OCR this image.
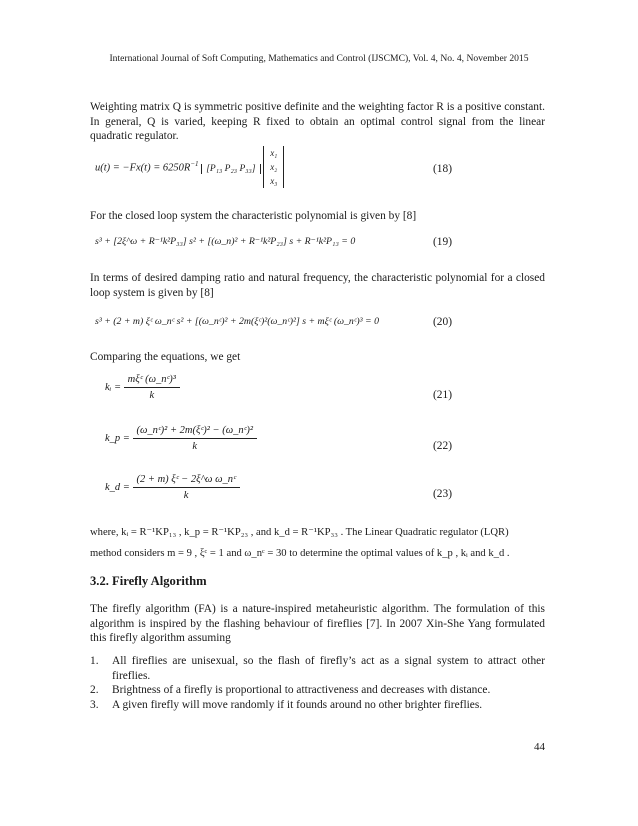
International Journal of Soft Computing, Mathematics and Control (IJSCMC), Vol. 4, No. 4, November 2015
Weighting matrix Q is symmetric positive definite and the weighting factor R is a positive constant. In general, Q is varied, keeping R fixed to obtain an optimal control signal from the linear quadratic regulator.
$u(t) = -Fx(t) = 6250R^{-1}$ [P₁₃ P₂₃ P₃₃]
x₁
x₂
x₃
(18)
For the closed loop system the characteristic polynomial is given by [8]
s³ + [2ξ^ω + R⁻¹k²P₃₃] s² + [(ω_n)² + R⁻¹k²P₂₃] s + R⁻¹k²P₁₃ = 0	(19)
In terms of desired damping ratio and natural frequency, the characteristic polynomial for a closed loop system is given by [8]
s³ + (2 + m) ξᶜ ω_nᶜ s² + [(ω_nᶜ)² + 2m(ξᶜ)²(ω_nᶜ)²] s + mξᶜ (ω_nᶜ)³ = 0	(20)
Comparing the equations, we get
kᵢ = $\frac{\text{mξᶜ (ω\_nᶜ)³}}{k}$	(21)
k_p = $\frac{\text{(ω\_nᶜ)² + 2m(ξᶜ)² − (ω\_nᶜ)²}}{k}$	(22)
k_d = $\frac{\text{(2 + m) ξᶜ − 2ξ\textasciicircum{}ω ω\_nᶜ}}{k}$	(23)
where, kᵢ = R⁻¹KP₁₃ , k_p = R⁻¹KP₂₃ , and k_d = R⁻¹KP₃₃ . The Linear Quadratic regulator (LQR)
method considers m = 9 , ξᶜ = 1 and ω_nᶜ = 30 to determine the optimal values of k_p , kᵢ and k_d .
3.2. Firefly Algorithm
The firefly algorithm (FA) is a nature-inspired metaheuristic algorithm. The formulation of this algorithm is inspired by the flashing behaviour of fireflies [7]. In 2007 Xin-She Yang formulated this firefly algorithm assuming
1. All fireflies are unisexual, so the flash of firefly’s act as a signal system to attract other fireflies.
2. Brightness of a firefly is proportional to attractiveness and decreases with distance.
3. A given firefly will move randomly if it founds around no other brighter fireflies.
44
